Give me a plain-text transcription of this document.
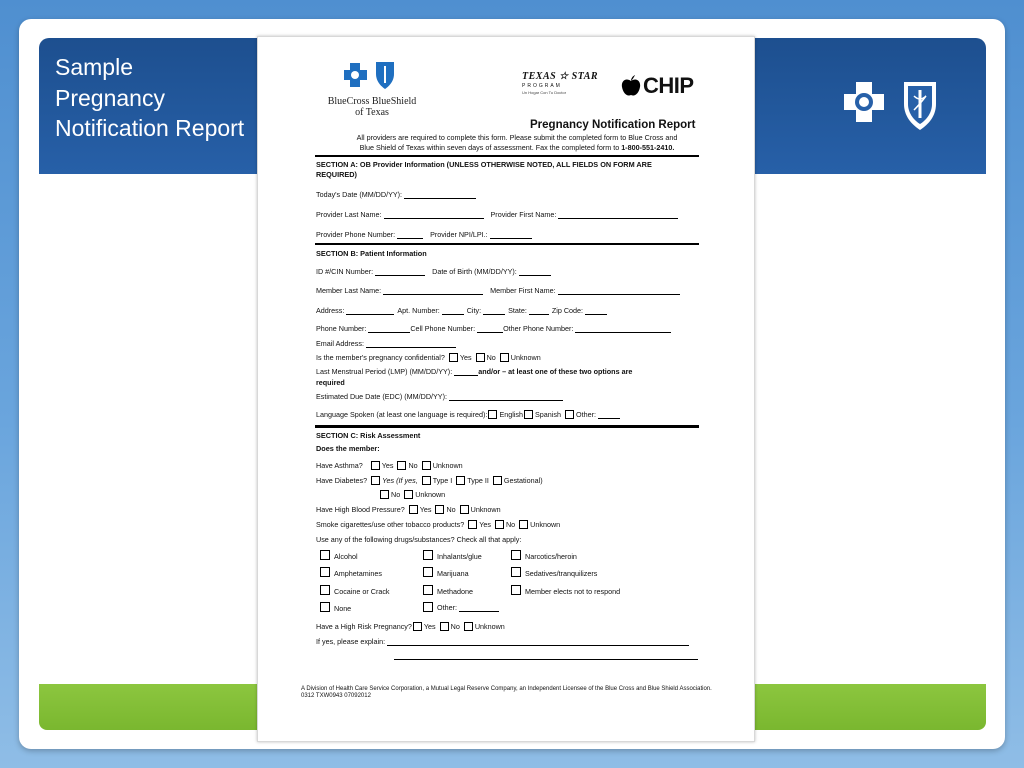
Sample Pregnancy Notification Report
BlueCross BlueShield
of Texas
TEXAS ☆ STAR
PROGRAM
Un Hogar Con Tu Doctor	CHIP
Pregnancy Notification Report
All providers are required to complete this form. Please submit the completed form to Blue Cross and
Blue Shield of Texas within seven days of assessment. Fax the completed form to 1-800-551-2410.
SECTION A: OB Provider Information (UNLESS OTHERWISE NOTED, ALL FIELDS ON FORM ARE REQUIRED)
Today's Date (MM/DD/YY):
Provider Last Name:	Provider First Name:
Provider Phone Number:	Provider NPI/LPI.:
SECTION B: Patient Information
ID #/CIN Number:	Date of Birth (MM/DD/YY):
Member Last Name:	Member First Name:
Address:	Apt. Number:	City:	State:	Zip Code:
Phone Number:	Cell Phone Number:	Other Phone Number:
Email Address:
Is the member's pregnancy confidential? Yes No Unknown
Last Menstrual Period (LMP) (MM/DD/YY):	and/or – at least one of these two options are
required
Estimated Due Date (EDC) (MM/DD/YY):
Language Spoken (at least one language is required): English Spanish Other:
SECTION C: Risk Assessment
Does the member:
Have Asthma?	Yes No Unknown
Have Diabetes? Yes (If yes, Type I Type II Gestational)
No Unknown
Have High Blood Pressure? Yes No Unknown
Smoke cigarettes/use other tobacco products? Yes No Unknown
Use any of the following drugs/substances? Check all that apply:
Alcohol	Inhalants/glue	Narcotics/heroin
Amphetamines	Marijuana	Sedatives/tranquilizers
Cocaine or Crack	Methadone	Member elects not to respond
None	Other:
Have a High Risk Pregnancy? Yes No Unknown
If yes, please explain:
A Division of Health Care Service Corporation, a Mutual Legal Reserve Company, an Independent Licensee of the Blue Cross and Blue Shield Association.
0312 TXW0943 07092012
